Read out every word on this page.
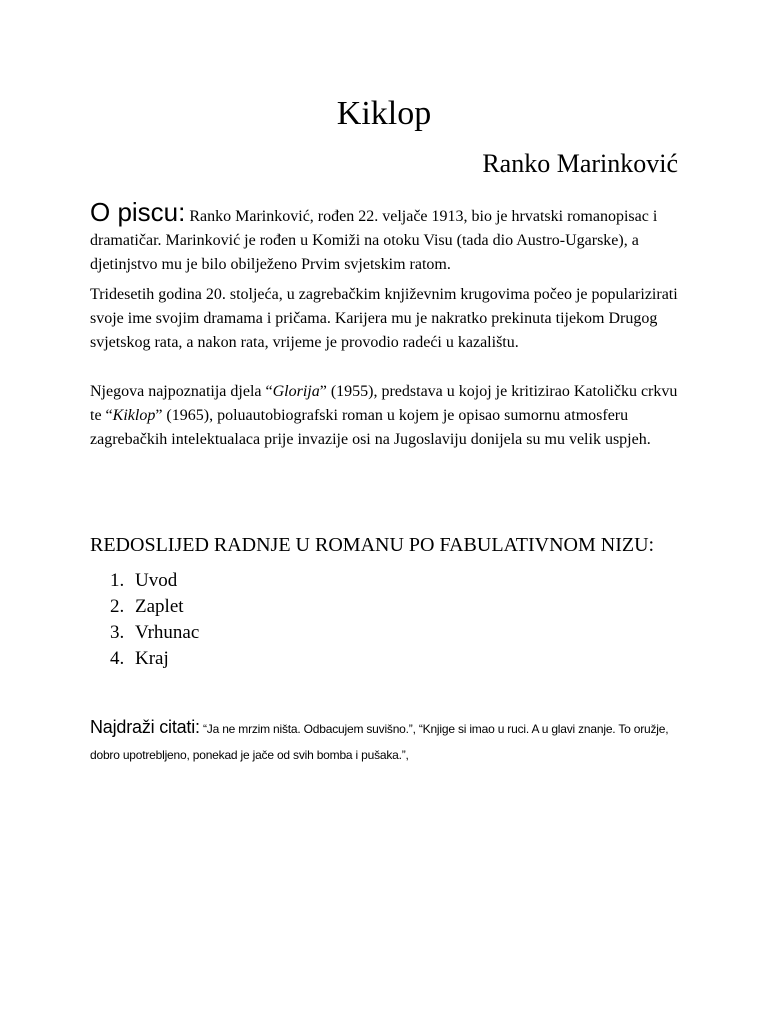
Kiklop
Ranko Marinković

O piscu: Ranko Marinković, rođen 22. veljače 1913, bio je hrvatski romanopisac i dramatičar. Marinković je rođen u Komiži na otoku Visu (tada dio Austro-Ugarske), a djetinjstvo mu je bilo obilježeno Prvim svjetskim ratom.

Tridesetih godina 20. stoljeća, u zagrebačkim književnim krugovima počeo je popularizirati svoje ime svojim dramama i pričama. Karijera mu je nakratko prekinuta tijekom Drugog svjetskog rata, a nakon rata, vrijeme je provodio radeći u kazalištu.

Njegova najpoznatija djela “Glorija” (1955), predstava u kojoj je kritizirao Katoličku crkvu te “Kiklop” (1965), poluautobiografski roman u kojem je opisao sumornu atmosferu zagrebačkih intelektualaca prije invazije osi na Jugoslaviju donijela su mu velik uspjeh.

REDOSLIJED RADNJE U ROMANU PO FABULATIVNOM NIZU:
1. Uvod
2. Zaplet
3. Vrhunac
4. Kraj

Najdraži citati: “Ja ne mrzim ništa. Odbacujem suvišno.”, “Knjige si imao u ruci. A u glavi znanje. To oružje, dobro upotrebljeno, ponekad je jače od svih bomba i pušaka.”,
